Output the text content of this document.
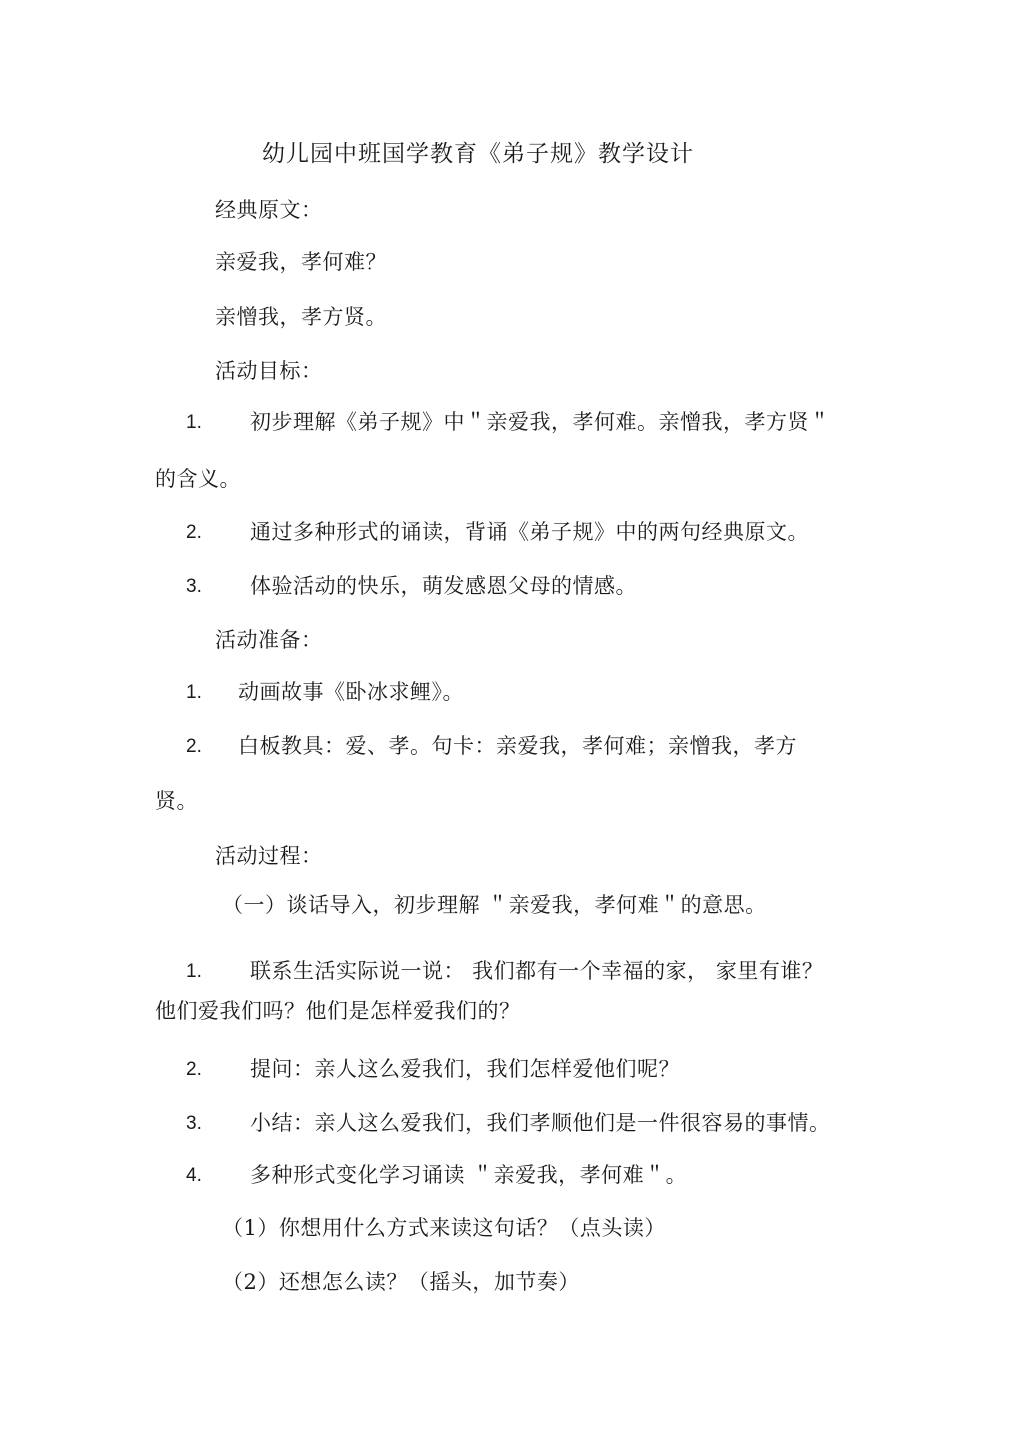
幼儿园中班国学教育《弟子规》教学设计
经典原文：
亲爱我，孝何难？
亲憎我，孝方贤。
活动目标：
1. 初步理解《弟子规》中＂亲爱我，孝何难。亲憎我，孝方贤＂
的含义。
2. 通过多种形式的诵读，背诵《弟子规》中的两句经典原文。
3. 体验活动的快乐，萌发感恩父母的情感。
活动准备：
1. 动画故事《卧冰求鲤》。
2. 白板教具：爱、孝。句卡：亲爱我，孝何难；亲憎我，孝方
贤。
活动过程：
（一）谈话导入，初步理解 ＂亲爱我，孝何难＂的意思。
1. 联系生活实际说一说： 我们都有一个幸福的家， 家里有谁？
他们爱我们吗？他们是怎样爱我们的？
2. 提问：亲人这么爱我们，我们怎样爱他们呢？
3. 小结：亲人这么爱我们，我们孝顺他们是一件很容易的事情。
4. 多种形式变化学习诵读 ＂亲爱我，孝何难＂。
（1）你想用什么方式来读这句话？（点头读）
（2）还想怎么读？（摇头，加节奏）
